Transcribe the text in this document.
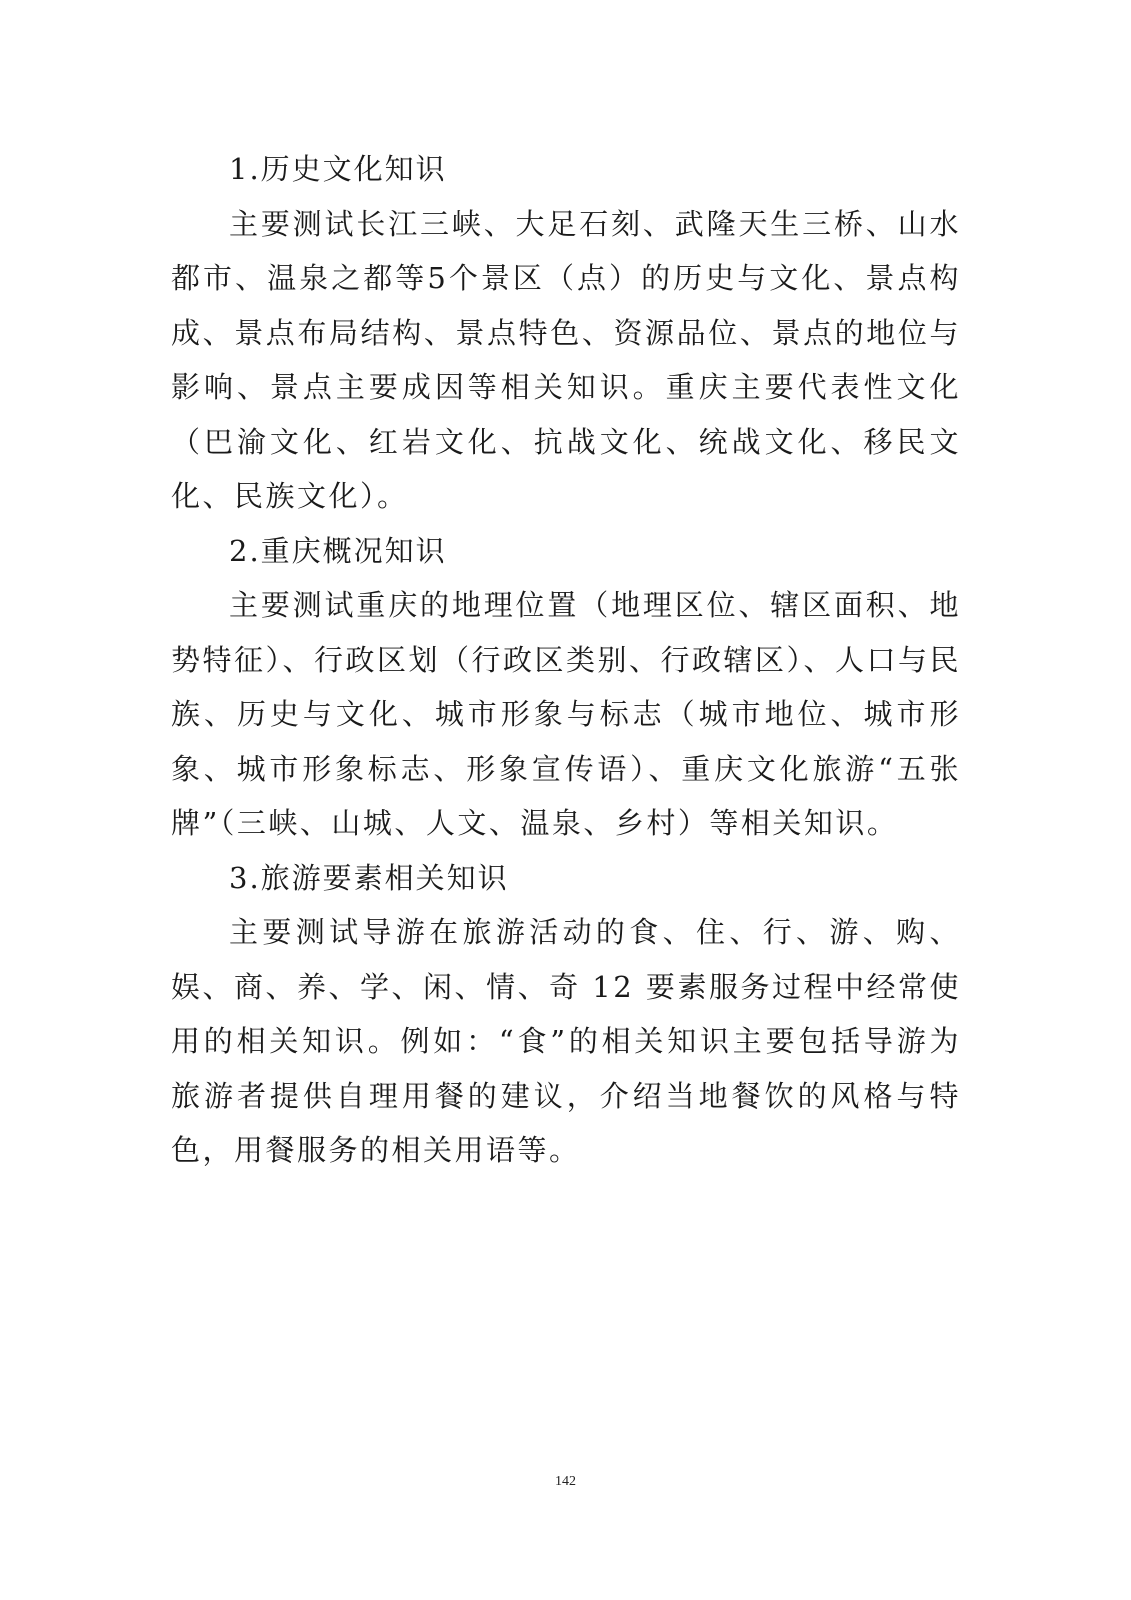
1.历史文化知识

主要测试长江三峡、大足石刻、武隆天生三桥、山水都市、温泉之都等5个景区（点）的历史与文化、景点构成、景点布局结构、景点特色、资源品位、景点的地位与影响、景点主要成因等相关知识。重庆主要代表性文化（巴渝文化、红岩文化、抗战文化、统战文化、移民文化、民族文化）。

2.重庆概况知识

主要测试重庆的地理位置（地理区位、辖区面积、地势特征）、行政区划（行政区类别、行政辖区）、人口与民族、历史与文化、城市形象与标志（城市地位、城市形象、城市形象标志、形象宣传语）、重庆文化旅游“五张牌”（三峡、山城、人文、温泉、乡村）等相关知识。

3.旅游要素相关知识

主要测试导游在旅游活动的食、住、行、游、购、娱、商、养、学、闲、情、奇 12 要素服务过程中经常使用的相关知识。例如：“食”的相关知识主要包括导游为旅游者提供自理用餐的建议，介绍当地餐饮的风格与特色，用餐服务的相关用语等。

142
